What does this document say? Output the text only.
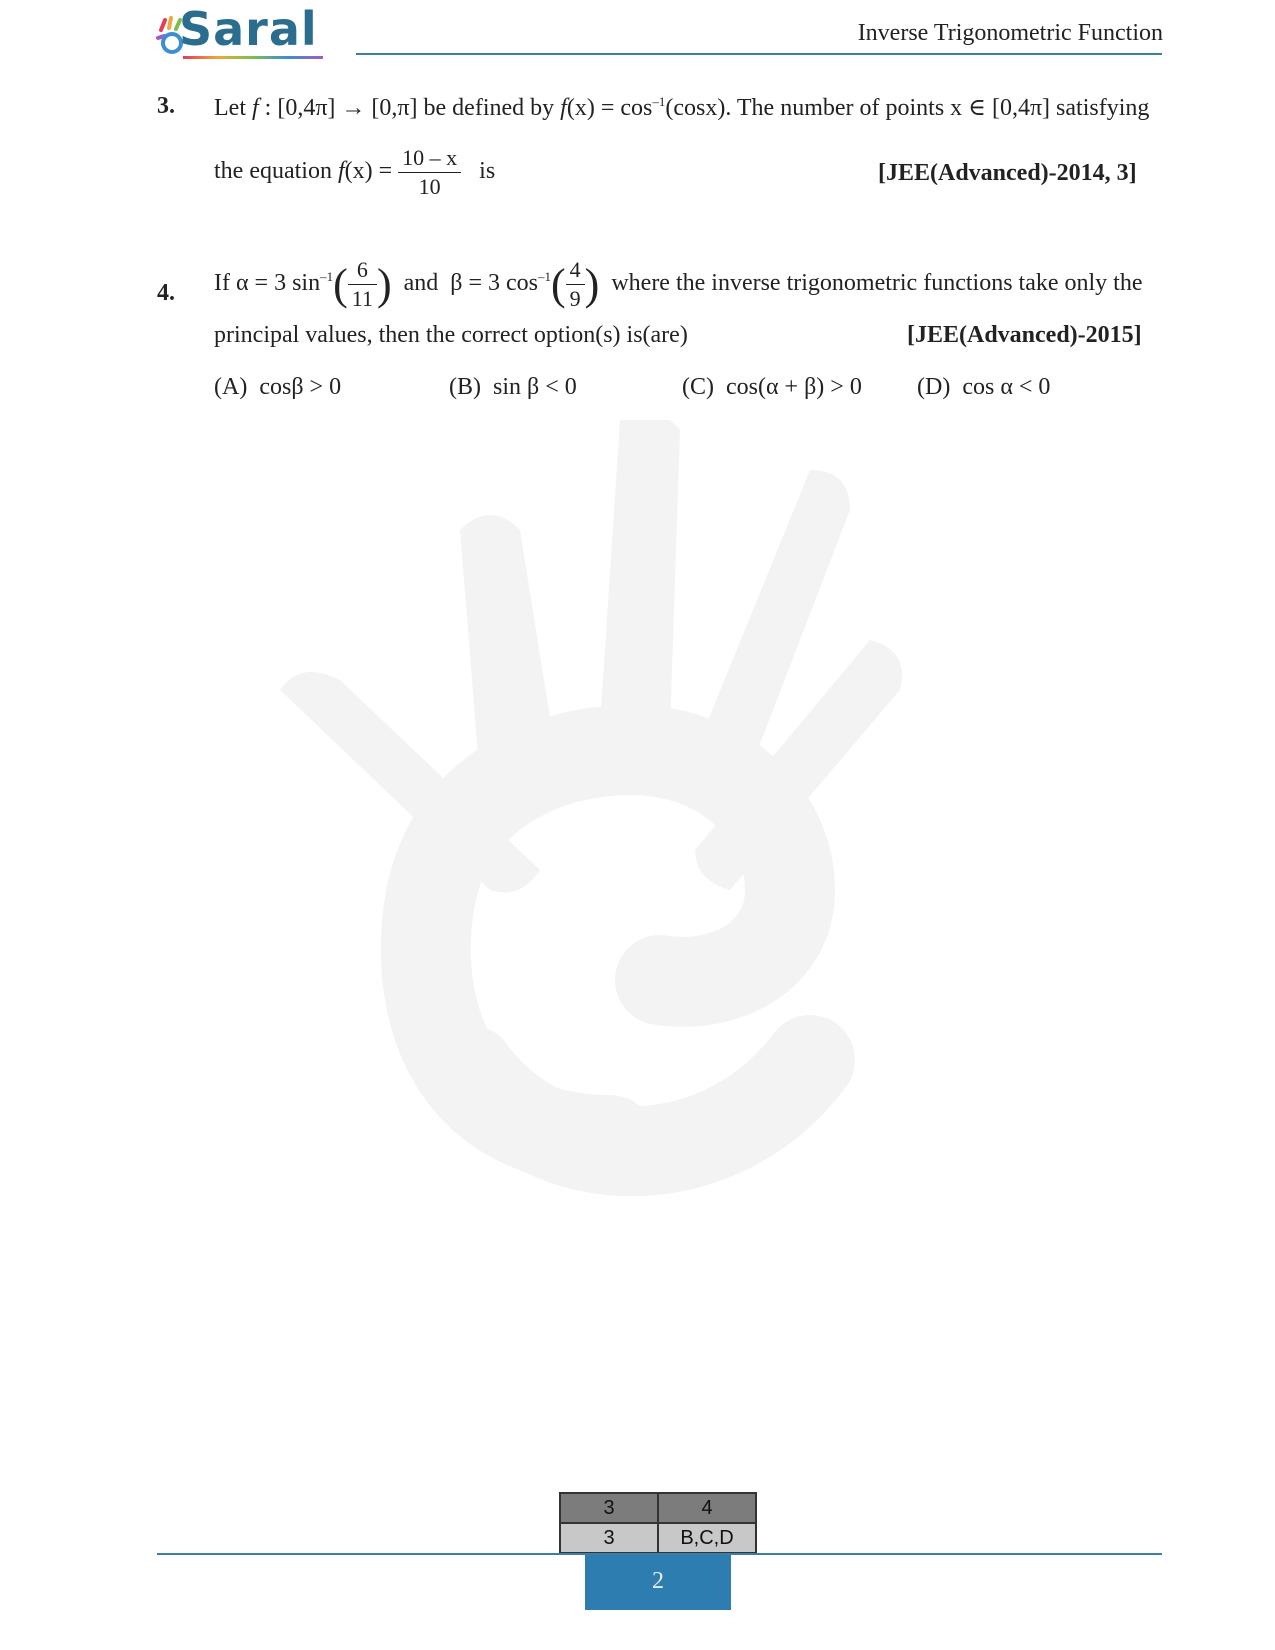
Saral	Inverse Trigonometric Function
3. Let f : [0,4π] → [0,π] be defined by $f(x) = \cos^{-1}(\cos x)$. The number of points x ∈ [0,4π] satisfying
the equation $f(x) = \frac{10 - x}{10}$ is	[JEE(Advanced)-2014, 3]
4. If α = 3 $\sin^{-1}( \frac{6}{11}$ ) and β = 3 $\cos^{-1}( \frac{4}{9}$ ) where the inverse trigonometric functions take only the
principal values, then the correct option(s) is(are)	[JEE(Advanced)-2015]
(A) cosβ > 0	(B) sin β < 0	(C) cos(α + β) > 0 (D) cos α < 0
3	4
3	B,C,D
2
